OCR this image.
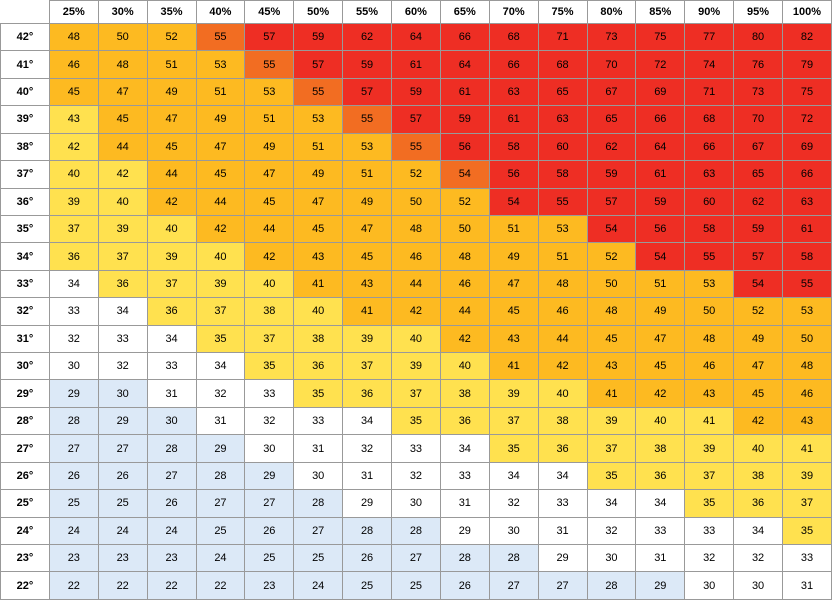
	25%	30%	35%	40%	45%	50%	55%	60%	65%	70%	75%	80%	85%	90%	95%	100%
42°	48	50	52	55	57	59	62	64	66	68	71	73	75	77	80	82
41°	46	48	51	53	55	57	59	61	64	66	68	70	72	74	76	79
40°	45	47	49	51	53	55	57	59	61	63	65	67	69	71	73	75
39°	43	45	47	49	51	53	55	57	59	61	63	65	66	68	70	72
38°	42	44	45	47	49	51	53	55	56	58	60	62	64	66	67	69
37°	40	42	44	45	47	49	51	52	54	56	58	59	61	63	65	66
36°	39	40	42	44	45	47	49	50	52	54	55	57	59	60	62	63
35°	37	39	40	42	44	45	47	48	50	51	53	54	56	58	59	61
34°	36	37	39	40	42	43	45	46	48	49	51	52	54	55	57	58
33°	34	36	37	39	40	41	43	44	46	47	48	50	51	53	54	55
32°	33	34	36	37	38	40	41	42	44	45	46	48	49	50	52	53
31°	32	33	34	35	37	38	39	40	42	43	44	45	47	48	49	50
30°	30	32	33	34	35	36	37	39	40	41	42	43	45	46	47	48
29°	29	30	31	32	33	35	36	37	38	39	40	41	42	43	45	46
28°	28	29	30	31	32	33	34	35	36	37	38	39	40	41	42	43
27°	27	27	28	29	30	31	32	33	34	35	36	37	38	39	40	41
26°	26	26	27	28	29	30	31	32	33	34	34	35	36	37	38	39
25°	25	25	26	27	27	28	29	30	31	32	33	34	34	35	36	37
24°	24	24	24	25	26	27	28	28	29	30	31	32	33	33	34	35
23°	23	23	23	24	25	25	26	27	28	28	29	30	31	32	32	33
22°	22	22	22	22	23	24	25	25	26	27	27	28	29	30	30	31
